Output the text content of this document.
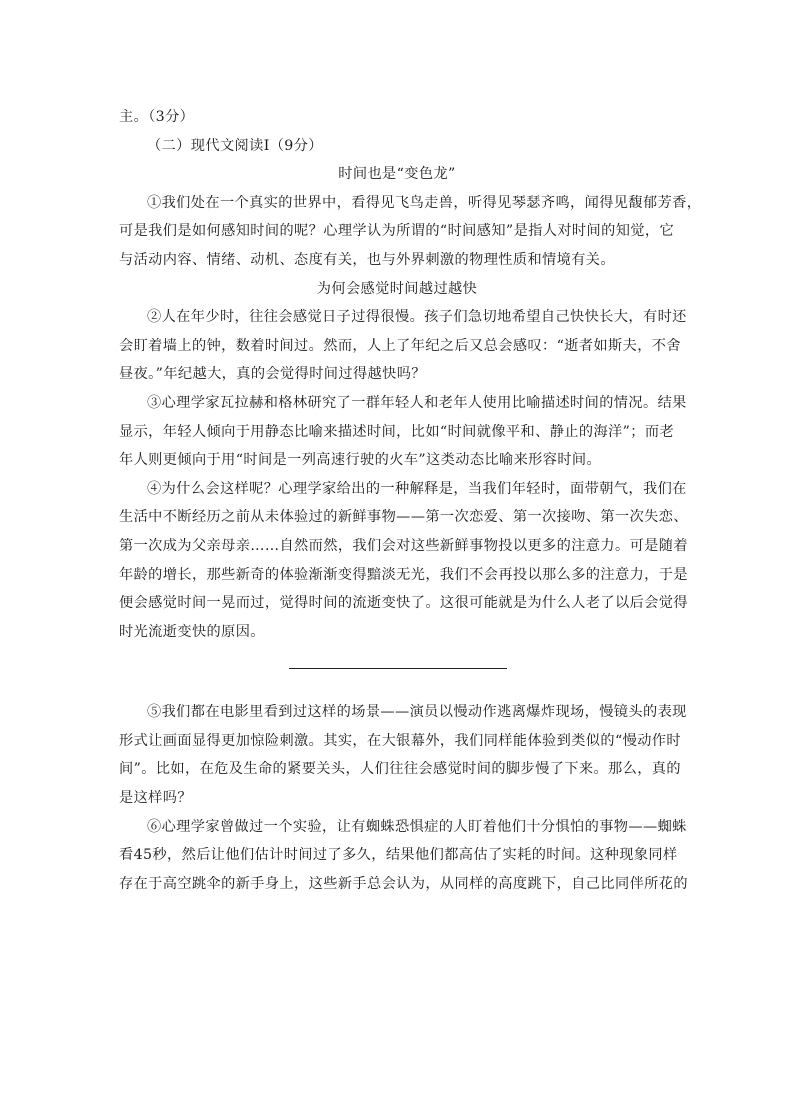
主。（3分）

（二）现代文阅读Ⅰ（9分）

时间也是“变色龙”

①我们处在一个真实的世界中，看得见飞鸟走兽，听得见琴瑟齐鸣，闻得见馥郁芳香，

可是我们是如何感知时间的呢？心理学认为所谓的“时间感知”是指人对时间的知觉，它

与活动内容、情绪、动机、态度有关，也与外界刺激的物理性质和情境有关。

为何会感觉时间越过越快

②人在年少时，往往会感觉日子过得很慢。孩子们急切地希望自己快快长大，有时还

会盯着墙上的钟，数着时间过。然而，人上了年纪之后又总会感叹：“逝者如斯夫，不舍

昼夜。”年纪越大，真的会觉得时间过得越快吗？

③心理学家瓦拉赫和格林研究了一群年轻人和老年人使用比喻描述时间的情况。结果

显示，年轻人倾向于用静态比喻来描述时间，比如“时间就像平和、静止的海洋”；而老

年人则更倾向于用“时间是一列高速行驶的火车”这类动态比喻来形容时间。

④为什么会这样呢？心理学家给出的一种解释是，当我们年轻时，面带朝气，我们在

生活中不断经历之前从未体验过的新鲜事物——第一次恋爱、第一次接吻、第一次失恋、

第一次成为父亲母亲……自然而然，我们会对这些新鲜事物投以更多的注意力。可是随着

年龄的增长，那些新奇的体验渐渐变得黯淡无光，我们不会再投以那么多的注意力，于是

便会感觉时间一晃而过，觉得时间的流逝变快了。这很可能就是为什么人老了以后会觉得

时光流逝变快的原因。

⑤我们都在电影里看到过这样的场景——演员以慢动作逃离爆炸现场，慢镜头的表现

形式让画面显得更加惊险刺激。其实，在大银幕外，我们同样能体验到类似的“慢动作时

间”。比如，在危及生命的紧要关头，人们往往会感觉时间的脚步慢了下来。那么，真的

是这样吗？

⑥心理学家曾做过一个实验，让有蜘蛛恐惧症的人盯着他们十分惧怕的事物——蜘蛛

看45秒，然后让他们估计时间过了多久，结果他们都高估了实耗的时间。这种现象同样

存在于高空跳伞的新手身上，这些新手总会认为，从同样的高度跳下，自己比同伴所花的
